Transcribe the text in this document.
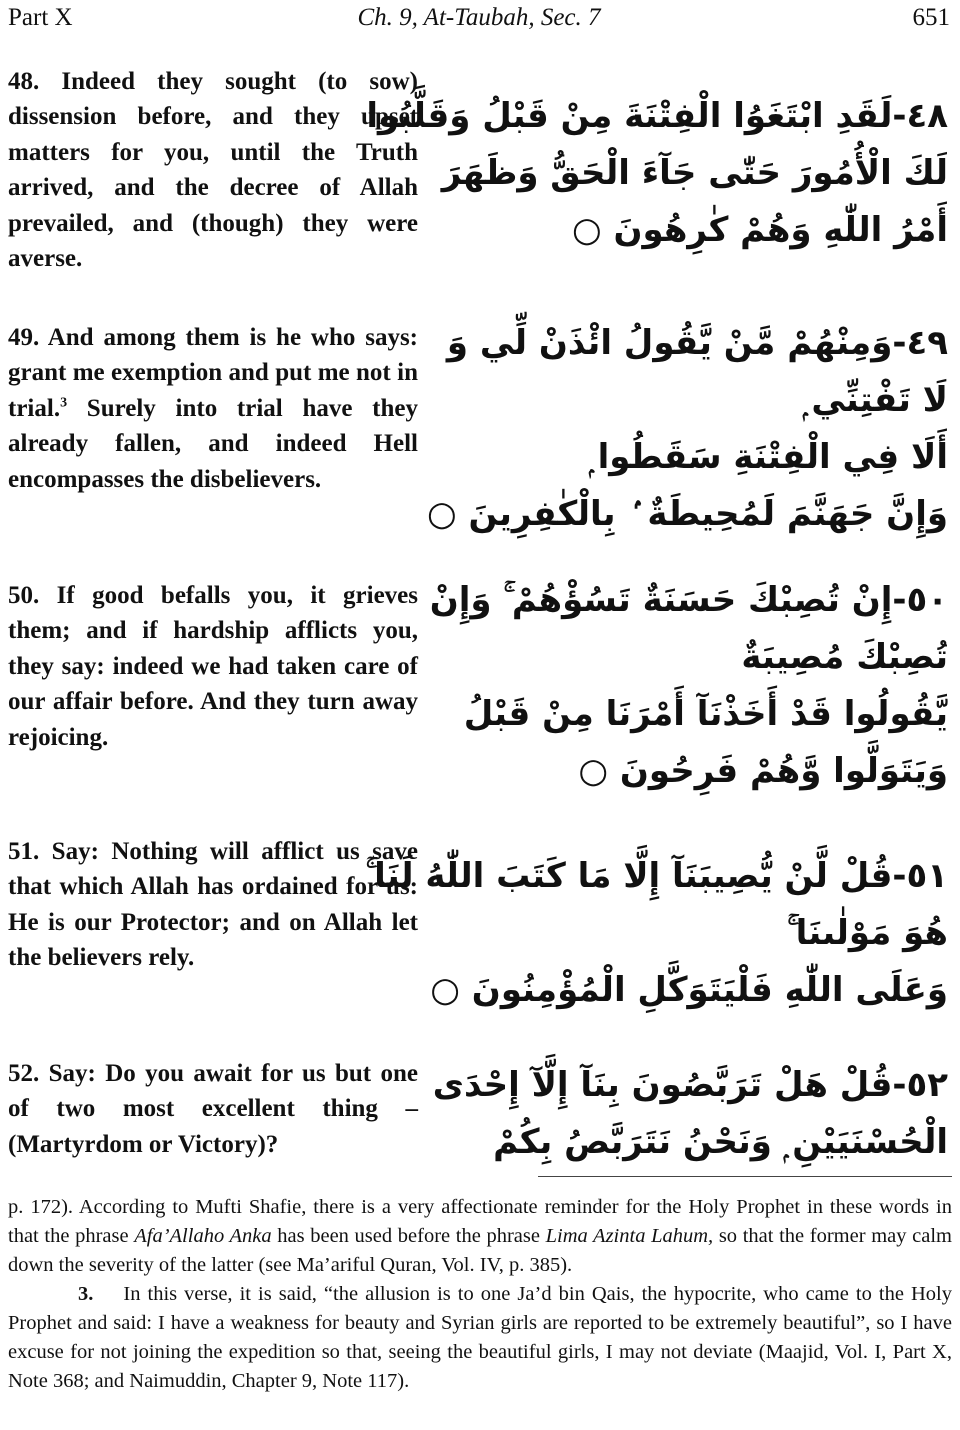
Part X	Ch. 9, At-Taubah, Sec. 7	651
48. Indeed they sought (to sow) dissension before, and they upset matters for you, until the Truth arrived, and the decree of Allah prevailed, and (though) they were averse.
٤٨-لَقَدِ ابْتَغَوُا الْفِتْنَةَ مِنْ قَبْلُ وَقَلَّبُوا
لَكَ الْأُمُورَ حَتّٰى جَآءَ الْحَقُّ وَظَهَرَ
أَمْرُ اللّٰهِ وَهُمْ كٰرِهُونَ ○
49. And among them is he who says: grant me exemption and put me not in trial.$^3$ Surely into trial have they already fallen, and indeed Hell encompasses the disbelievers.
٤٩-وَمِنْهُمْ مَّنْ يَّقُولُ ائْذَنْ لِّي وَ
لَا تَفْتِنِّي ۭ
أَلَا فِي الْفِتْنَةِ سَقَطُوا ۭ
وَإِنَّ جَهَنَّمَ لَمُحِيطَةٌ ۢ بِالْكٰفِرِينَ ○
50. If good befalls you, it grieves them; and if hardship afflicts you, they say: indeed we had taken care of our affair before. And they turn away rejoicing.
٥٠-إِنْ تُصِبْكَ حَسَنَةٌ تَسُؤْهُمْ ۚ وَإِنْ
تُصِبْكَ مُصِيبَةٌ
يَّقُولُوا قَدْ أَخَذْنَآ أَمْرَنَا مِنْ قَبْلُ
وَيَتَوَلَّوا وَّهُمْ فَرِحُونَ ○
51. Say: Nothing will afflict us save that which Allah has ordained for us: He is our Protector; and on Allah let the believers rely.
٥١-قُلْ لَّنْ يُّصِيبَنَآ إِلَّا مَا كَتَبَ اللّٰهُ لَنَا ۚ
هُوَ مَوْلٰىنَا ۚ
وَعَلَى اللّٰهِ فَلْيَتَوَكَّلِ الْمُؤْمِنُونَ ○
52. Say: Do you await for us but one of two most excellent thing – (Martyrdom or Victory)?
٥٢-قُلْ هَلْ تَرَبَّصُونَ بِنَآ إِلَّآ إِحْدَى
الْحُسْنَيَيْنِ ۭ وَنَحْنُ نَتَرَبَّصُ بِكُمْ

p. 172). According to Mufti Shafie, there is a very affectionate reminder for the Holy Prophet in these words in that the phrase Afa’Allaho Anka has been used before the phrase Lima Azinta Lahum, so that the former may calm down the severity of the latter (see Ma’ariful Quran, Vol. IV, p. 385).

3. In this verse, it is said, “the allusion is to one Ja’d bin Qais, the hypocrite, who came to the Holy Prophet and said: I have a weakness for beauty and Syrian girls are reported to be extremely beautiful”, so I have excuse for not joining the expedition so that, seeing the beautiful girls, I may not deviate (Maajid, Vol. I, Part X, Note 368; and Naimuddin, Chapter 9, Note 117).
